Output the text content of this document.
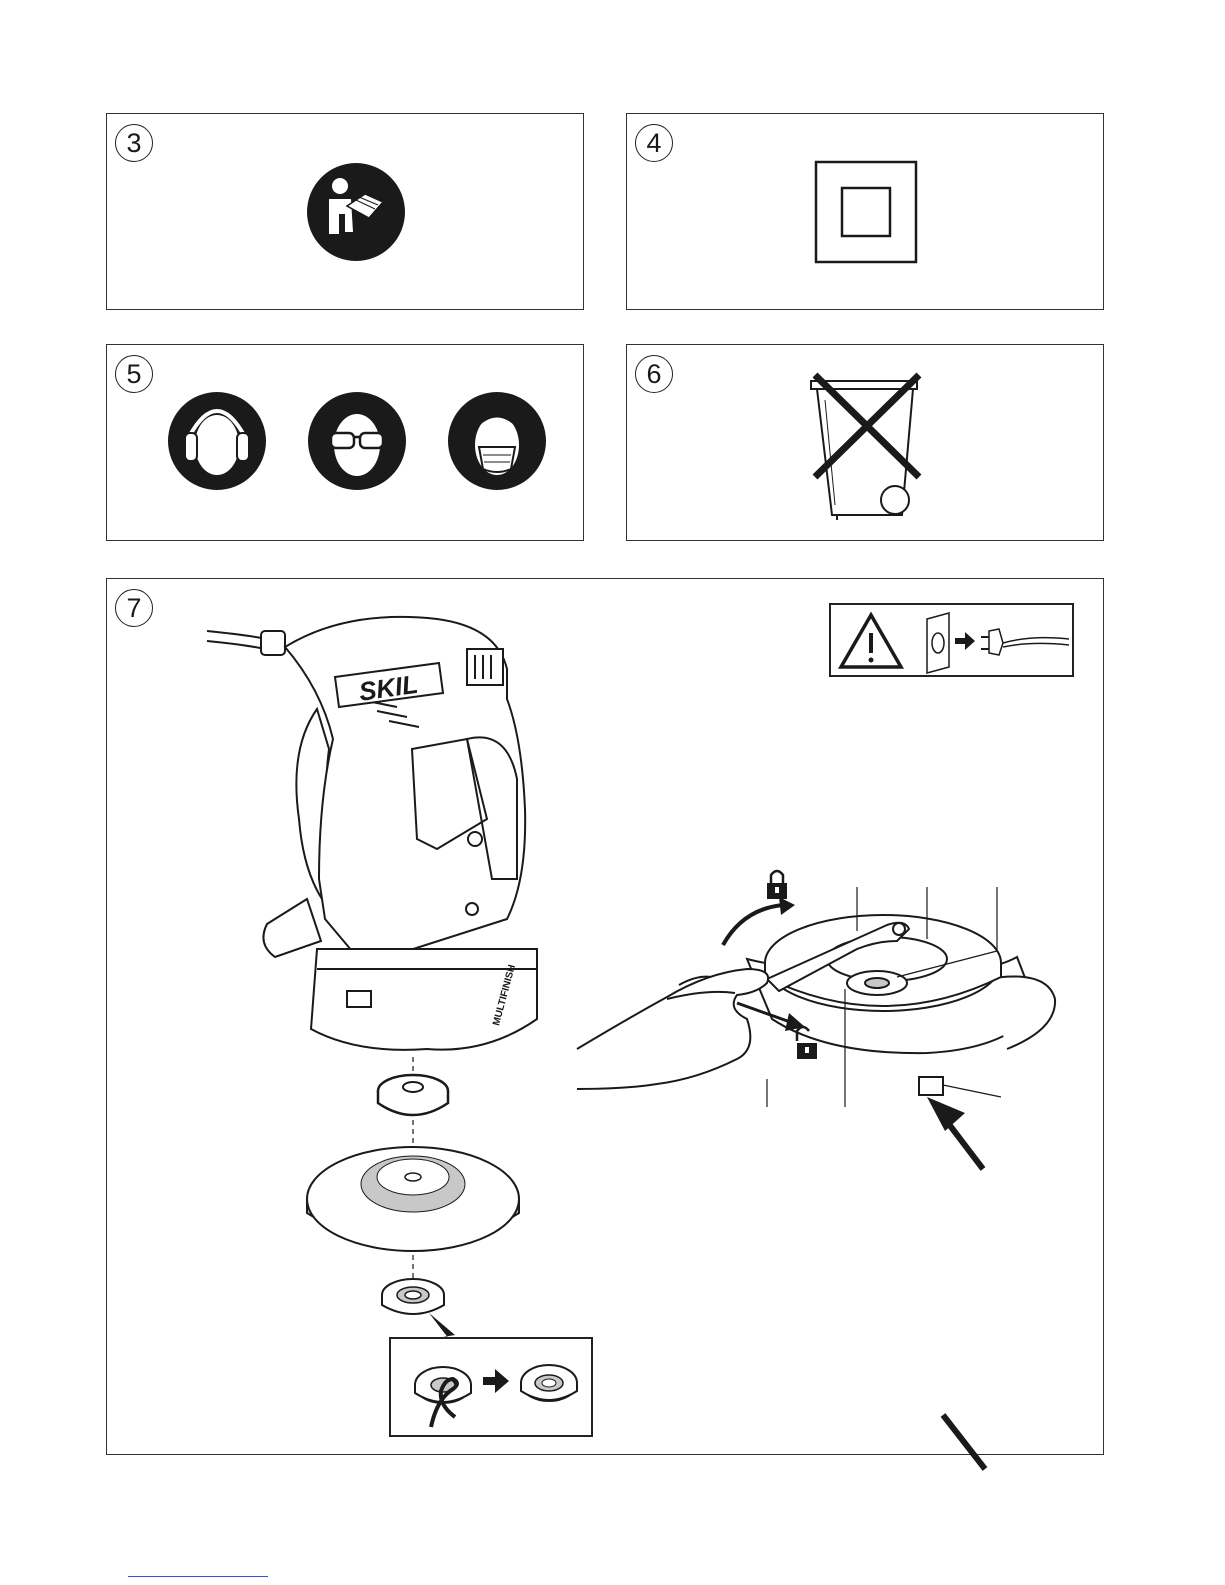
3	4
5	6
7
SKIL
MULTIFINISH
